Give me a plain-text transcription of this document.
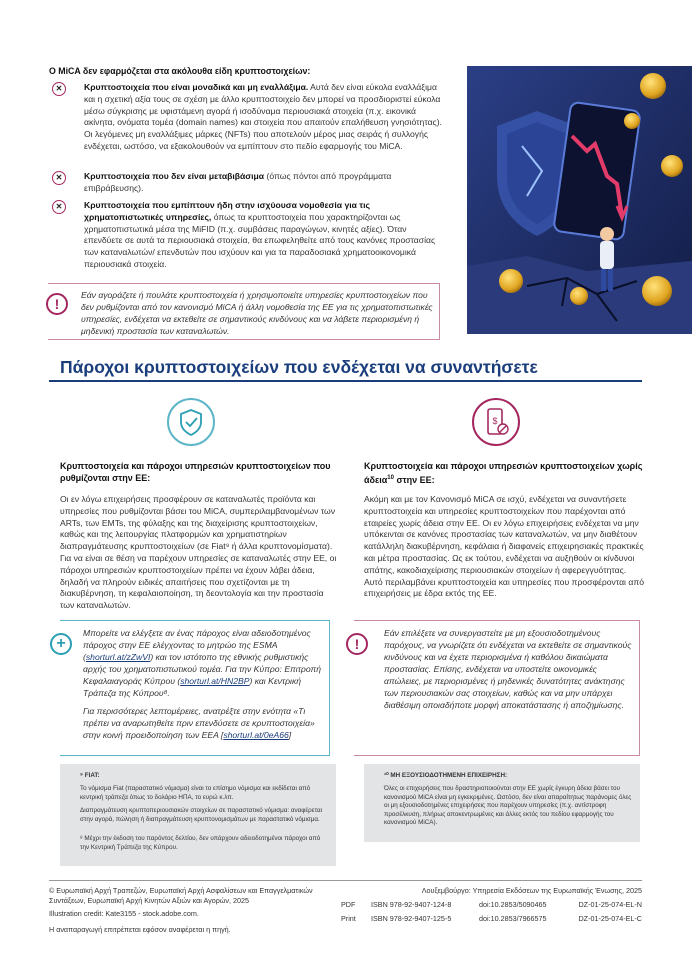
Ο MiCA δεν εφαρμόζεται στα ακόλουθα είδη κρυπτοστοιχείων:
✕	Κρυπτοστοιχεία που είναι μοναδικά και μη εναλλάξιμα. Αυτά δεν είναι εύκολα εναλλάξιμα και η σχετική αξία τους σε σχέση με άλλο κρυπτοστοιχείο δεν μπορεί να προσδιοριστεί εύκολα μέσω σύγκρισης με υφιστάμενη αγορά ή ισοδύναμα περιουσιακά στοιχεία (π.χ. εικονικά ακίνητα, ονόματα τομέα (domain names) και στοιχεία που απαιτούν επαλήθευση γνησιότητας). Οι λεγόμενες μη εναλλάξιμες μάρκες (NFTs) που αποτελούν μέρος μιας σειράς ή συλλογής ενδέχεται, ωστόσο, να εξακολουθούν να εμπίπτουν στο πεδίο εφαρμογής του MiCA.
✕	Κρυπτοστοιχεία που δεν είναι μεταβιβάσιμα (όπως πόντοι από προγράμματα επιβράβευσης).
✕	Κρυπτοστοιχεία που εμπίπτουν ήδη στην ισχύουσα νομοθεσία για τις χρηματοπιστωτικές υπηρεσίες, όπως τα κρυπτοστοιχεία που χαρακτηρίζονται ως χρηματοπιστωτικά μέσα της MiFID (π.χ. συμβάσεις παραγώγων, κινητές αξίες). Όταν επενδύετε σε αυτά τα περιουσιακά στοιχεία, θα επωφεληθείτε από τους κανόνες προστασίας των καταναλωτών/ επενδυτών που ισχύουν και για τα παραδοσιακά χρηματοοικονομικά περιουσιακά στοιχεία.
!
Εάν αγοράζετε ή πουλάτε κρυπτοστοιχεία ή χρησιμοποιείτε υπηρεσίες κρυπτοστοιχείων που δεν ρυθμίζονται από τον κανονισμό MiCA ή άλλη νομοθεσία της ΕΕ για τις χρηματοπιστωτικές υπηρεσίες, ενδέχεται να εκτεθείτε σε σημαντικούς κινδύνους και να λάβετε περιορισμένη ή μηδενική προστασία των καταναλωτών.
Πάροχοι κρυπτοστοιχείων που ενδέχεται να συναντήσετε
$
Κρυπτοστοιχεία και πάροχοι υπηρεσιών κρυπτοστοιχείων που ρυθμίζονται στην ΕΕ:
Οι εν λόγω επιχειρήσεις προσφέρουν σε καταναλωτές προϊόντα και υπηρεσίες που ρυθμίζονται βάσει του MiCA, συμπεριλαμβανομένων των ARTs, των EMTs, της φύλαξης και της διαχείρισης κρυπτοστοιχείων, καθώς και της λειτουργίας πλατφορμών και χρηματιστηρίων διαπραγμάτευσης κρυπτοστοιχείων (σε Fiat⁹ ή άλλα κρυπτονομίσματα). Για να είναι σε θέση να παρέχουν υπηρεσίες σε καταναλωτές στην ΕΕ, οι πάροχοι υπηρεσιών κρυπτοστοιχείων πρέπει να έχουν λάβει άδεια, δηλαδή να πληρούν ειδικές απαιτήσεις που σχετίζονται με τη διακυβέρνηση, τη κεφαλαιοποίηση, τη δεοντολογία και την προστασία των καταναλωτών.
+
Μπορείτε να ελέγξετε αν ένας πάροχος είναι αδειοδοτημένος πάροχος στην ΕΕ ελέγχοντας το μητρώο της ESMA (shorturl.at/zZwVI) και τον ιστότοπο της εθνικής ρυθμιστικής αρχής του χρηματοπιστωτικού τομέα. Για την Κύπρο: Επιτροπή Κεφαλαιαγοράς Κύπρου (shorturl.at/HN2BP) και Κεντρική Τράπεζα της Κύπρου⁸.
Για περισσότερες λεπτομέρειες, ανατρέξτε στην ενότητα «Τι πρέπει να αναρωτηθείτε πριν επενδύσετε σε κρυπτοστοιχεία» στην κοινή προειδοποίηση των ΕΕΑ [shorturl.at/0eA66]
⁹ FIAT:
Το νόμισμα Fiat (παραστατικό νόμισμα) είναι το επίσημο νόμισμα και εκδίδεται από κεντρική τράπεζα όπως το δολάριο ΗΠΑ, το ευρώ κ.λπ.
Διαπραγμάτευση κρυπτοπεριουσιακών στοιχείων σε παραστατικό νόμισμα: αναφέρεται στην αγορά, πώληση ή διαπραγμάτευση κρυπτονομισμάτων με παραστατικό νόμισμα.
⁸ Μέχρι την έκδοση του παρόντος δελτίου, δεν υπάρχουν αδειοδοτημένοι πάροχοι από την Κεντρική Τράπεζα της Κύπρου.
Κρυπτοστοιχεία και πάροχοι υπηρεσιών κρυπτοστοιχείων χωρίς άδεια$^{10}$ στην ΕΕ:
Ακόμη και με τον Κανονισμό MiCA σε ισχύ, ενδέχεται να συναντήσετε κρυπτοστοιχεία και υπηρεσίες κρυπτοστοιχείων που παρέχονται από εταιρείες χωρίς άδεια στην ΕΕ. Οι εν λόγω επιχειρήσεις ενδέχεται να μην υπόκεινται σε κανόνες προστασίας των καταναλωτών, να μην διαθέτουν κατάλληλη διακυβέρνηση, κεφάλαια ή διαφανείς επιχειρησιακές πρακτικές και μέτρα προστασίας. Ως εκ τούτου, ενδέχεται να αυξηθούν οι κίνδυνοι απάτης, κακοδιαχείρισης περιουσιακών στοιχείων ή αφερεγγυότητας. Αυτό περιλαμβάνει κρυπτοστοιχεία και υπηρεσίες που προσφέρονται από επιχειρήσεις με έδρα εκτός της ΕΕ.
!
Εάν επιλέξετε να συνεργαστείτε με μη εξουσιοδοτημένους παρόχους, να γνωρίζετε ότι ενδέχεται να εκτεθείτε σε σημαντικούς κινδύνους και να έχετε περιορισμένα ή καθόλου δικαιώματα προστασίας. Επίσης, ενδέχεται να υποστείτε οικονομικές απώλειες, με περιορισμένες ή μηδενικές δυνατότητες ανάκτησης των περιουσιακών σας στοιχείων, καθώς και να μην υπάρχει διαθέσιμη οποιαδήποτε μορφή αποκατάστασης ή αποζημίωσης.
¹⁰ ΜΗ ΕΞΟΥΣΙΟΔΟΤΗΜΕΝΗ ΕΠΙΧΕΙΡΗΣΗ:
Όλες οι επιχειρήσεις που δραστηριοποιούνται στην ΕΕ χωρίς έγκυρη άδεια βάσει του κανονισμού MiCA είναι μη εγκεκριμένες. Ωστόσο, δεν είναι απαραίτητως παράνομες όλες οι μη εξουσιοδοτημένες επιχειρήσεις που παρέχουν υπηρεσίες (π.χ. αντίστροφη προσέλκυση, πλήρως αποκεντρωμένες και άλλες εκτός του πεδίου εφαρμογής του κανονισμού MiCA).
© Ευρωπαϊκή Αρχή Τραπεζών, Ευρωπαϊκή Αρχή Ασφαλίσεων και Επαγγελματικών Συντάξεων, Ευρωπαϊκή Αρχή Κινητών Αξιών και Αγορών, 2025
Illustration credit: Kate3155 - stock.adobe.com.
Η αναπαραγωγή επιτρέπεται εφόσον αναφέρεται η πηγή.
Λουξεμβούργο: Υπηρεσία Εκδόσεων της Ευρωπαϊκής Ένωσης, 2025
PDF ISBN 978-92-9407-124-8	doi:10.2853/5090465	DZ-01-25-074-EL-N
Print ISBN 978-92-9407-125-5	doi:10.2853/7966575	DZ-01-25-074-EL-C
